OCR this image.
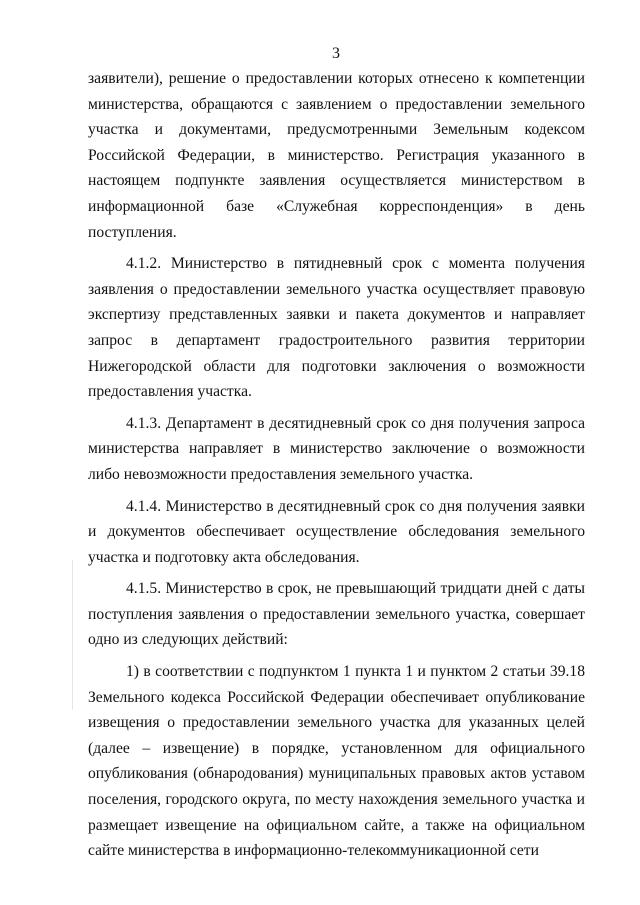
3

заявители), решение о предоставлении которых отнесено к компетенции министерства, обращаются с заявлением о предоставлении земельного участка и документами, предусмотренными Земельным кодексом Российской Федерации, в министерство. Регистрация указанного в настоящем подпункте заявления осуществляется министерством в информационной базе «Служебная корреспонденция» в день поступления.

4.1.2. Министерство в пятидневный срок с момента получения заявления о предоставлении земельного участка осуществляет правовую экспертизу представленных заявки и пакета документов и направляет запрос в департамент градостроительного развития территории Нижегородской области для подготовки заключения о возможности предоставления участка.

4.1.3. Департамент в десятидневный срок со дня получения запроса министерства направляет в министерство заключение о возможности либо невозможности предоставления земельного участка.

4.1.4. Министерство в десятидневный срок со дня получения заявки и документов обеспечивает осуществление обследования земельного участка и подготовку акта обследования.

4.1.5. Министерство в срок, не превышающий тридцати дней с даты поступления заявления о предоставлении земельного участка, совершает одно из следующих действий:

1) в соответствии с подпунктом 1 пункта 1 и пунктом 2 статьи 39.18 Земельного кодекса Российской Федерации обеспечивает опубликование извещения о предоставлении земельного участка для указанных целей (далее – извещение) в порядке, установленном для официального опубликования (обнародования) муниципальных правовых актов уставом поселения, городского округа, по месту нахождения земельного участка и размещает извещение на официальном сайте, а также на официальном сайте министерства в информационно-телекоммуникационной сети
